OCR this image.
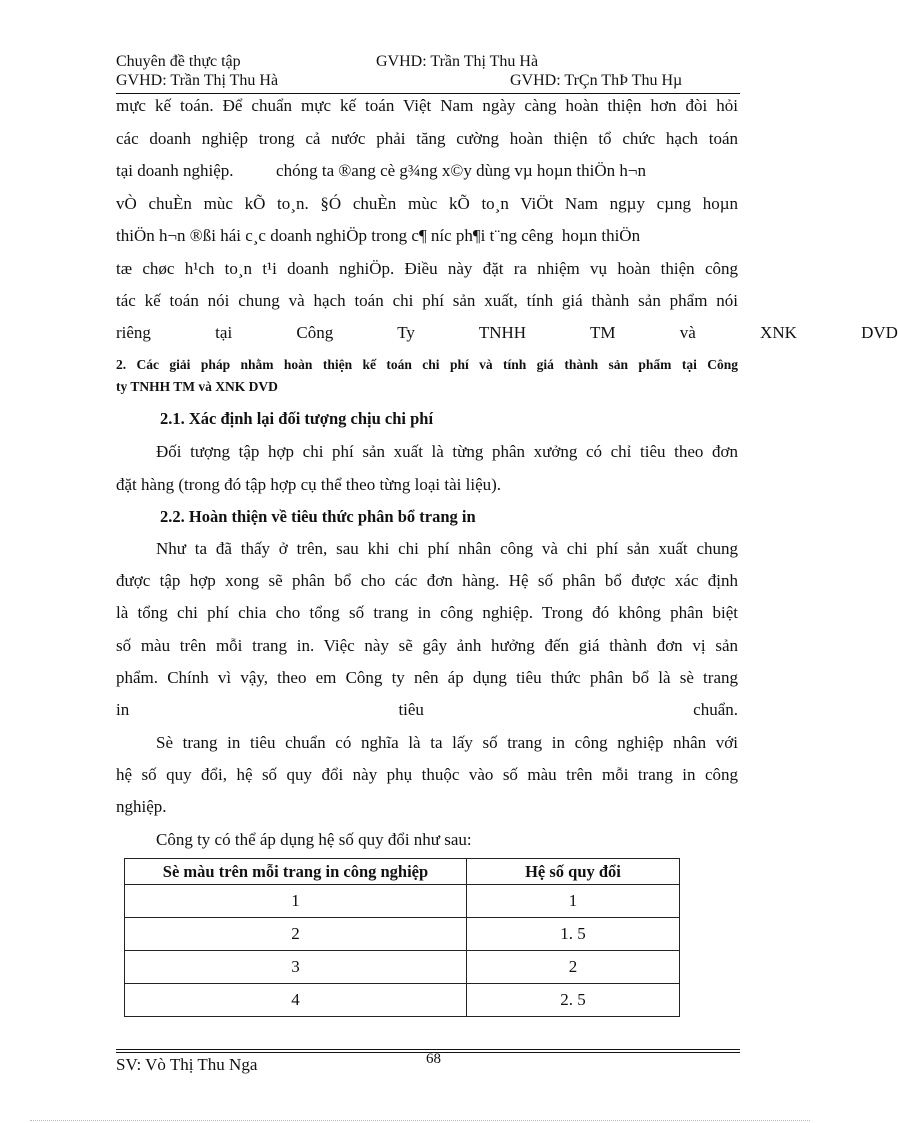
Chuyên đề thực tập	GVHD: Trần Thị Thu Hà
GVHD: Trần Thị Thu Hà	GVHD: TrÇn ThÞ Thu Hµ
mực kế toán. Để chuẩn mực kế toán Việt Nam ngày càng hoàn thiện hơn đòi hỏi
các doanh nghiệp trong cả nước phải tăng cường hoàn thiện tổ chức hạch toán
tại doanh nghiệp.          chóng ta ®ang cè g¾ng x©y dùng vµ hoµn thiÖn h¬n
vÒ chuÈn mùc kÕ to¸n. §Ó chuÈn mùc kÕ to¸n ViÖt Nam ngµy cµng hoµn
thiÖn h¬n ®ßi hái c¸c doanh nghiÖp trong c¶ níc ph¶i t¨ng cêng  hoµn thiÖn
tæ chøc h¹ch to¸n t¹i doanh nghiÖp. Điều này đặt ra nhiệm vụ hoàn thiện công
tác kế toán nói chung và hạch toán chi phí sản xuất, tính giá thành sản phẩm nói
riêng tại Công Ty TNHH TM và XNK DVD
2. Các giải pháp nhằm hoàn thiện kế toán chi phí và tính giá thành sản phẩm tại Công
ty TNHH TM và XNK DVD
2.1. Xác định lại đối tượng chịu chi phí
Đối tượng tập hợp chi phí sản xuất là từng phân xưởng có chỉ tiêu theo đơn
đặt hàng (trong đó tập hợp cụ thể theo từng loại tài liệu).
2.2. Hoàn thiện về tiêu thức phân bổ trang in
Như ta đã thấy ở trên, sau khi chi phí nhân công và chi phí sản xuất chung
được tập hợp xong sẽ phân bổ cho các đơn hàng. Hệ số phân bổ được xác định
là tổng chi phí chia cho tổng số trang in công nghiệp. Trong đó không phân biệt
số màu trên mỗi trang in. Việc này sẽ gây ảnh hưởng đến giá thành đơn vị sản
phẩm. Chính vì vậy, theo em Công ty nên áp dụng tiêu thức phân bổ là sè trang
in tiêu chuẩn.
Sè trang in tiêu chuẩn có nghĩa là ta lấy số trang in công nghiệp nhân với
hệ số quy đổi, hệ số quy đổi này phụ thuộc vào số màu trên mỗi trang in công
nghiệp.
Công ty có thể áp dụng hệ số quy đổi như sau:
Sè màu trên mỗi trang in công nghiệp	Hệ số quy đổi
1	1
2	1. 5
3	2
4	2. 5
68
SV: Vò Thị Thu Nga
